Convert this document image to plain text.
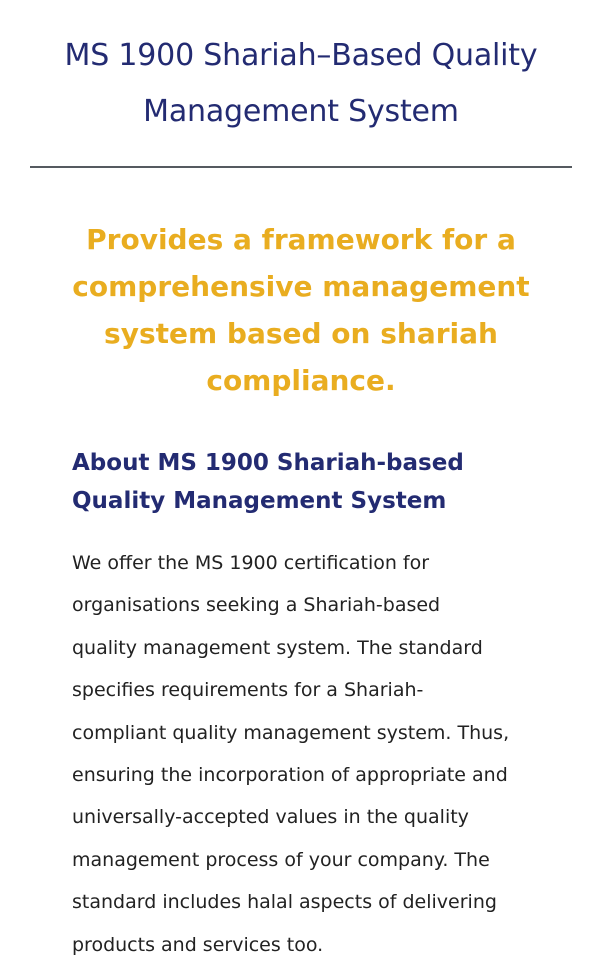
MS 1900 Shariah–Based Quality
Management System

Provides a framework for a
comprehensive management
system based on shariah
compliance.

About MS 1900 Shariah-based
Quality Management System

We offer the MS 1900 certification for
organisations seeking a Shariah-based
quality management system. The standard
specifies requirements for a Shariah-
compliant quality management system. Thus,
ensuring the incorporation of appropriate and
universally-accepted values in the quality
management process of your company. The
standard includes halal aspects of delivering
products and services too.
